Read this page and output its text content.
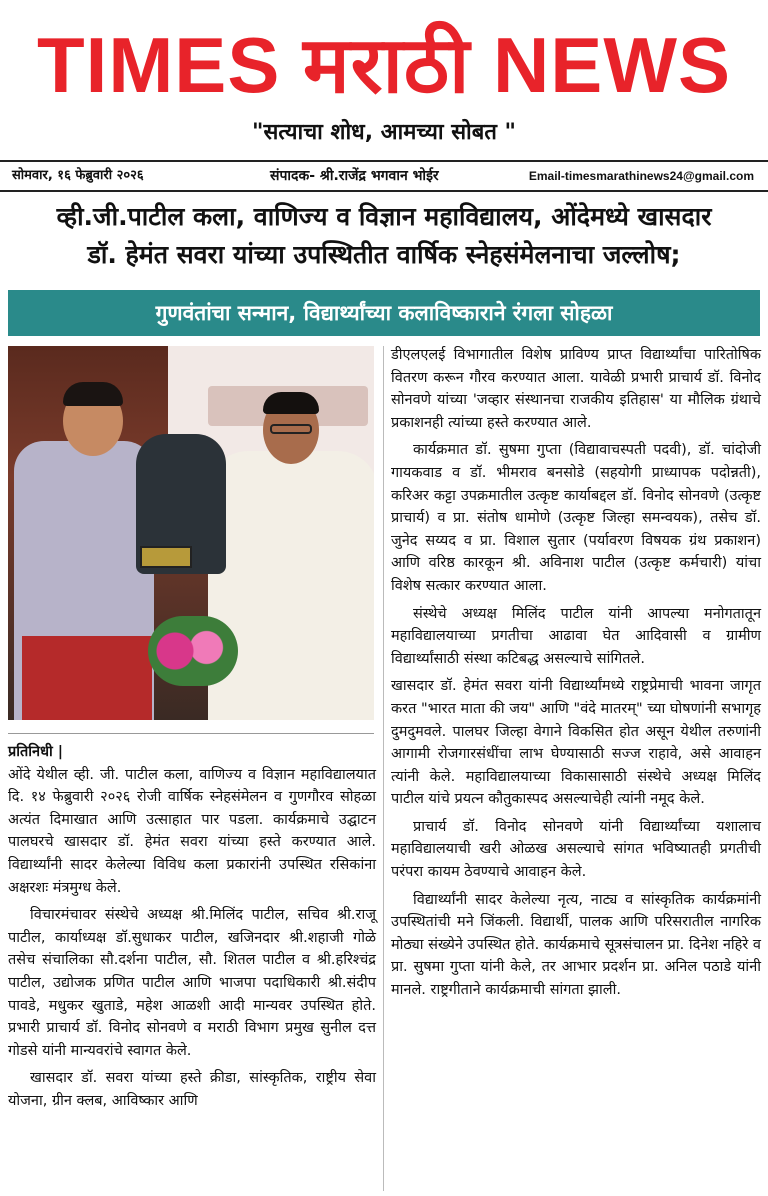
TIMES मराठी NEWS
"सत्याचा शोध, आमच्या सोबत "
सोमवार, १६ फेब्रुवारी २०२६	संपादक- श्री.राजेंद्र भगवान भोईर	Email-timesmarathinews24@gmail.com
व्ही.जी.पाटील कला, वाणिज्य व विज्ञान महाविद्यालय, ओंदेमध्ये खासदार
डॉ. हेमंत सवरा यांच्या उपस्थितीत वार्षिक स्नेहसंमेलनाचा जल्लोष;
गुणवंतांचा सन्मान, विद्यार्थ्यांच्या कलाविष्काराने रंगला सोहळा
प्रतिनिधी |

ओंदे येथील व्ही. जी. पाटील कला, वाणिज्य व विज्ञान महाविद्यालयात दि. १४ फेब्रुवारी २०२६ रोजी वार्षिक स्नेहसंमेलन व गुणगौरव सोहळा अत्यंत दिमाखात आणि उत्साहात पार पडला. कार्यक्रमाचे उद्घाटन पालघरचे खासदार डॉ. हेमंत सवरा यांच्या हस्ते करण्यात आले. विद्यार्थ्यांनी सादर केलेल्या विविध कला प्रकारांनी उपस्थित रसिकांना अक्षरशः मंत्रमुग्ध केले.

विचारमंचावर संस्थेचे अध्यक्ष श्री.मिलिंद पाटील, सचिव श्री.राजू पाटील, कार्याध्यक्ष डॉ.सुधाकर पाटील, खजिनदार श्री.शहाजी गोळे तसेच संचालिका सौ.दर्शना पाटील, सौ. शितल पाटील व श्री.हरिश्चंद्र पाटील, उद्योजक प्रणित पाटील आणि भाजपा पदाधिकारी श्री.संदीप पावडे, मधुकर खुताडे, महेश आळशी आदी मान्यवर उपस्थित होते. प्रभारी प्राचार्य डॉ. विनोद सोनवणे व मराठी विभाग प्रमुख सुनील दत्त गोडसे यांनी मान्यवरांचे स्वागत केले.

खासदार डॉ. सवरा यांच्या हस्ते क्रीडा, सांस्कृतिक, राष्ट्रीय सेवा योजना, ग्रीन क्लब, आविष्कार आणि

डीएलएलई विभागातील विशेष प्राविण्य प्राप्त विद्यार्थ्यांचा पारितोषिक वितरण करून गौरव करण्यात आला. यावेळी प्रभारी प्राचार्य डॉ. विनोद सोनवणे यांच्या 'जव्हार संस्थानचा राजकीय इतिहास' या मौलिक ग्रंथाचे प्रकाशनही त्यांच्या हस्ते करण्यात आले.

कार्यक्रमात डॉ. सुषमा गुप्ता (विद्यावाचस्पती पदवी), डॉ. चांदोजी गायकवाड व डॉ. भीमराव बनसोडे (सहयोगी प्राध्यापक पदोन्नती), करिअर कट्टा उपक्रमातील उत्कृष्ट कार्याबद्दल डॉ. विनोद सोनवणे (उत्कृष्ट प्राचार्य) व प्रा. संतोष धामोणे (उत्कृष्ट जिल्हा समन्वयक), तसेच डॉ. जुनेद सय्यद व प्रा. विशाल सुतार (पर्यावरण विषयक ग्रंथ प्रकाशन) आणि वरिष्ठ कारकून श्री. अविनाश पाटील (उत्कृष्ट कर्मचारी) यांचा विशेष सत्कार करण्यात आला.

संस्थेचे अध्यक्ष मिलिंद पाटील यांनी आपल्या मनोगतातून महाविद्यालयाच्या प्रगतीचा आढावा घेत आदिवासी व ग्रामीण विद्यार्थ्यांसाठी संस्था कटिबद्ध असल्याचे सांगितले.

खासदार डॉ. हेमंत सवरा यांनी विद्यार्थ्यांमध्ये राष्ट्रप्रेमाची भावना जागृत करत "भारत माता की जय" आणि "वंदे मातरम्" च्या घोषणांनी सभागृह दुमदुमवले. पालघर जिल्हा वेगाने विकसित होत असून येथील तरुणांनी आगामी रोजगारसंधींचा लाभ घेण्यासाठी सज्ज राहावे, असे आवाहन त्यांनी केले. महाविद्यालयाच्या विकासासाठी संस्थेचे अध्यक्ष मिलिंद पाटील यांचे प्रयत्न कौतुकास्पद असल्याचेही त्यांनी नमूद केले.

प्राचार्य डॉ. विनोद सोनवणे यांनी विद्यार्थ्यांच्या यशालाच महाविद्यालयाची खरी ओळख असल्याचे सांगत भविष्यातही प्रगतीची परंपरा कायम ठेवण्याचे आवाहन केले.

विद्यार्थ्यांनी सादर केलेल्या नृत्य, नाट्य व सांस्कृतिक कार्यक्रमांनी उपस्थितांची मने जिंकली. विद्यार्थी, पालक आणि परिसरातील नागरिक मोठ्या संख्येने उपस्थित होते. कार्यक्रमाचे सूत्रसंचालन प्रा. दिनेश नहिरे व प्रा. सुषमा गुप्ता यांनी केले, तर आभार प्रदर्शन प्रा. अनिल पठाडे यांनी मानले. राष्ट्रगीताने कार्यक्रमाची सांगता झाली.
